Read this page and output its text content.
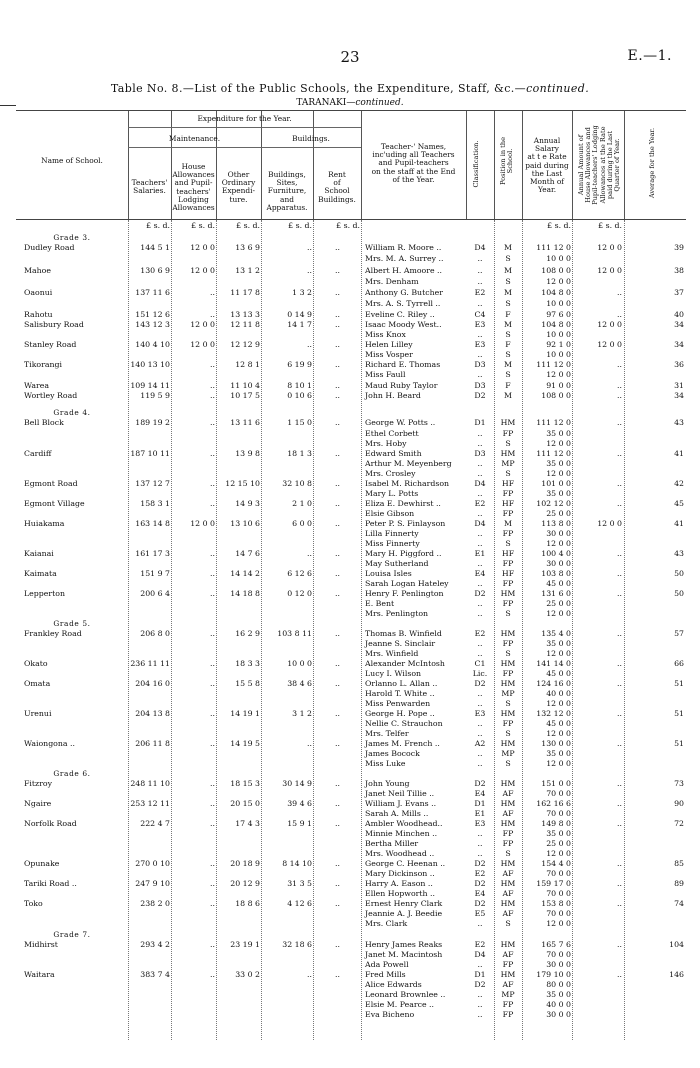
23	E.—1.
Table No. 8.—List of the Public Schools, the Expenditure, Staff, &c.—continued.
TARANAKI—continued.
Name of School.
Expenditure for the Year.
Maintenance.	Buildings.
Teachers'
Salaries.
House
Allowances
and Pupil-
teachers'
Lodging
Allowances
Other
Ordinary
Expendi-
ture.
Buildings,
Sites,
Furniture,
and
Apparatus.
Rent
of
School
Buildings.
Teacher-' Names,
inc'uding all Teachers
and Pupil-teachers
on the staff at the End
of the Year.	Classification.	Position in the
School.
Annual
Salary
at t e Rate
paid during
the Last
Month of
Year.	Annual Amount of
House Allowances and
Pupil-teachers' Lodging
Allowances at the Rate
paid during the Last
Quarter of Year.	Average for the Year.
£ s. d.	£ s. d.	£ s. d.	£ s. d.	£ s. d.	£ s. d.	£ s. d.
Grade 3.
Dudley Road	144 5 1	12 0 0	13 6 9	..	..	William R. Moore ..	D4	M	111 12 0	12 0 0	39
Mrs. M. A. Surrey ..	..	S	10 0 0
Mahoe	130 6 9	12 0 0	13 1 2	..	..	Albert H. Amoore ..	..	M	108 0 0	12 0 0	38
Mrs. Denham	..	S	12 0 0
Oaonui	137 11 6	..	11 17 8	1 3 2	..	Anthony G. Butcher	E2	M	104 8 0	..	37
Mrs. A. S. Tyrrell ..	..	S	10 0 0
Rahotu	151 12 6	..	13 13 3	0 14 9	..	Eveline C. Riley ..	C4	F	97 6 0	..	40
Salisbury Road	143 12 3	12 0 0	12 11 8	14 1 7	..	Isaac Moody West..	E3	M	104 8 0	12 0 0	34
Miss Knox	..	S	10 0 0
Stanley Road	140 4 10	12 0 0	12 12 9	..	..	Helen Lilley	E3	F	92 1 0	12 0 0	34
Miss Vosper	..	S	10 0 0
Tikorangi	140 13 10	..	12 8 1	6 19 9	..	Richard E. Thomas	D3	M	111 12 0	..	36
Miss Faull	..	S	12 0 0
Warea	109 14 11	..	11 10 4	8 10 1	..	Maud Ruby Taylor	D3	F	91 0 0	..	31
Wortley Road	119 5 9	..	10 17 5	0 10 6	..	John H. Beard	D2	M	108 0 0	..	34
Grade 4.
Bell Block	189 19 2	..	13 11 6	1 15 0	..	George W. Potts ..	D1	HM	111 12 0	..	43
Ethel Corbett	..	FP	35 0 0
Mrs. Hoby	..	S	12 0 0
Cardiff	187 10 11	..	13 9 8	18 1 3	..	Edward Smith	D3	HM	111 12 0	..	41
Arthur M. Meyenberg	..	MP	35 0 0
Mrs. Crosley	..	S	12 0 0
Egmont Road	137 12 7	..	12 15 10	32 10 8	..	Isabel M. Richardson	D4	HF	101 0 0	..	42
Mary L. Potts	..	FP	35 0 0
Egmont Village	158 3 1	..	14 9 3	2 1 0	..	Eliza E. Dewhirst ..	E2	HF	102 12 0	..	45
Elsie Gibson	..	FP	25 0 0
Huiakama	163 14 8	12 0 0	13 10 6	6 0 0	..	Peter P. S. Finlayson	D4	M	113 8 0	12 0 0	41
Lilla Finnerty	..	FP	30 0 0
Miss Finnerty	..	S	12 0 0
Kaianai	161 17 3	..	14 7 6	..	..	Mary H. Piggford ..	E1	HF	100 4 0	..	43
May Sutherland	..	FP	30 0 0
Kaimata	151 9 7	..	14 14 2	6 12 6	..	Louisa Isles	E4	HF	103 8 0	..	50
Sarah Logan Hateley	..	FP	45 0 0
Lepperton	200 6 4	..	14 18 8	0 12 0	..	Henry F. Penlington	D2	HM	131 6 0	..	50
E. Bent	..	FP	25 0 0
Mrs. Penlington	..	S	12 0 0
Grade 5.
Frankley Road	206 8 0	..	16 2 9	103 8 11	..	Thomas B. Winfield	E2	HM	135 4 0	..	57
Jeanne S. Sinclair	..	FP	35 0 0
Mrs. Winfield	..	S	12 0 0
Okato	236 11 11	..	18 3 3	10 0 0	..	Alexander McIntosh	C1	HM	141 14 0	..	66
Lucy I. Wilson	Lic.	FP	45 0 0
Omata	204 16 0	..	15 5 8	38 4 6	..	Orlanno L. Allan ..	D2	HM	124 16 0	..	51
Harold T. White ..	..	MP	40 0 0
Miss Penwarden	..	S	12 0 0
Urenui	204 13 8	..	14 19 1	3 1 2	..	George H. Pope ..	E3	HM	132 12 0	..	51
Nellie C. Strauchon	..	FP	45 0 0
Mrs. Telfer	..	S	12 0 0
Waiongona ..	206 11 8	..	14 19 5	..	..	James M. French ..	A2	HM	130 0 0	..	51
James Bocock	..	MP	35 0 0
Miss Luke	..	S	12 0 0
Grade 6.
Fitzroy	248 11 10	..	18 15 3	30 14 9	..	John Young	D2	HM	151 0 0	..	73
Janet Neil Tillie ..	E4	AF	70 0 0
Ngaire	253 12 11	..	20 15 0	39 4 6	..	William J. Evans ..	D1	HM	162 16 6	..	90
Sarah A. Mills ..	E1	AF	70 0 0
Norfolk Road	222 4 7	..	17 4 3	15 9 1	..	Ambler Woodhead..	E3	HM	149 8 0	..	72
Minnie Minchen ..	..	FP	35 0 0
Bertha Miller	..	FP	25 0 0
Mrs. Woodhead ..	..	S	12 0 0
Opunake	270 0 10	..	20 18 9	8 14 10	..	George C. Heenan ..	D2	HM	154 4 0	..	85
Mary Dickinson ..	E2	AF	70 0 0
Tariki Road ..	247 9 10	..	20 12 9	31 3 5	..	Harry A. Eason ..	D2	HM	159 17 0	..	89
Ellen Hopworth ..	E4	AF	70 0 0
Toko	238 2 0	..	18 8 6	4 12 6	..	Ernest Henry Clark	D2	HM	153 8 0	..	74
Jeannie A. J. Beedie	E5	AF	70 0 0
Mrs. Clark	..	S	12 0 0
Grade 7.
Midhirst	293 4 2	..	23 19 1	32 18 6	..	Henry James Reaks	E2	HM	165 7 6	..	104
Janet M. Macintosh	D4	AF	70 0 0
Ada Powell	..	FP	30 0 0
Waitara	383 7 4	..	33 0 2	..	..	Fred Mills	D1	HM	179 10 0	..	146
Alice Edwards	D2	AF	80 0 0
Leonard Brownlee ..	..	MP	35 0 0
Elsie M. Pearce ..	..	FP	40 0 0
Eva Bicheno	..	FP	30 0 0
